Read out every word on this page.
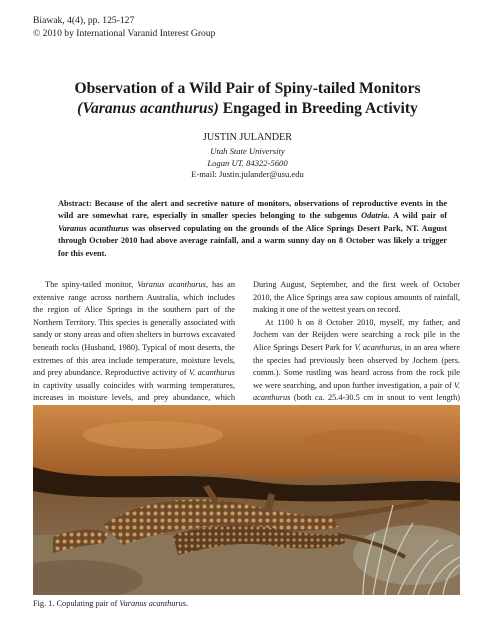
Biawak, 4(4), pp. 125-127
© 2010 by International Varanid Interest Group
Observation of a Wild Pair of Spiny-tailed Monitors
(Varanus acanthurus) Engaged in Breeding Activity
JUSTIN JULANDER
Utah State University
Logan UT. 84322-5600
E-mail: Justin.julander@usu.edu
Abstract: Because of the alert and secretive nature of monitors, observations of reproductive events in the wild are somewhat rare, especially in smaller species belonging to the subgenus Odatria. A wild pair of Varanus acanthurus was observed copulating on the grounds of the Alice Springs Desert Park, NT. August through October 2010 had above average rainfall, and a warm sunny day on 8 October was likely a trigger for this event.

The spiny-tailed monitor, Varanus acanthurus, has an extensive range across northern Australia, which includes the region of Alice Springs in the southern part of the Northern Territory. This species is generally associated with sandy or stony areas and often shelters in burrows excavated beneath rocks (Husband, 1980). Typical of most deserts, the extremes of this area include temperature, moisture levels, and prey abundance. Reproductive activity of V. acanthurus in captivity usually coincides with warming temperatures, increases in moisture levels, and prey abundance, which

During August, September, and the first week of October 2010, the Alice Springs area saw copious amounts of rainfall, making it one of the wettest years on record.

At 1100 h on 8 October 2010, myself, my father, and Jochem van der Reijden were searching a rock pile in the Alice Springs Desert Park for V. acanthurus, in an area where the species had previously been observed by Jochem (pers. comm.). Some rustling was heard across from the rock pile we were searching, and upon further investigation, a pair of V. acanthurus (both ca. 25.4-30.5 cm in snout to vent length)

Fig. 1. Copulating pair of Varanus acanthurus.
